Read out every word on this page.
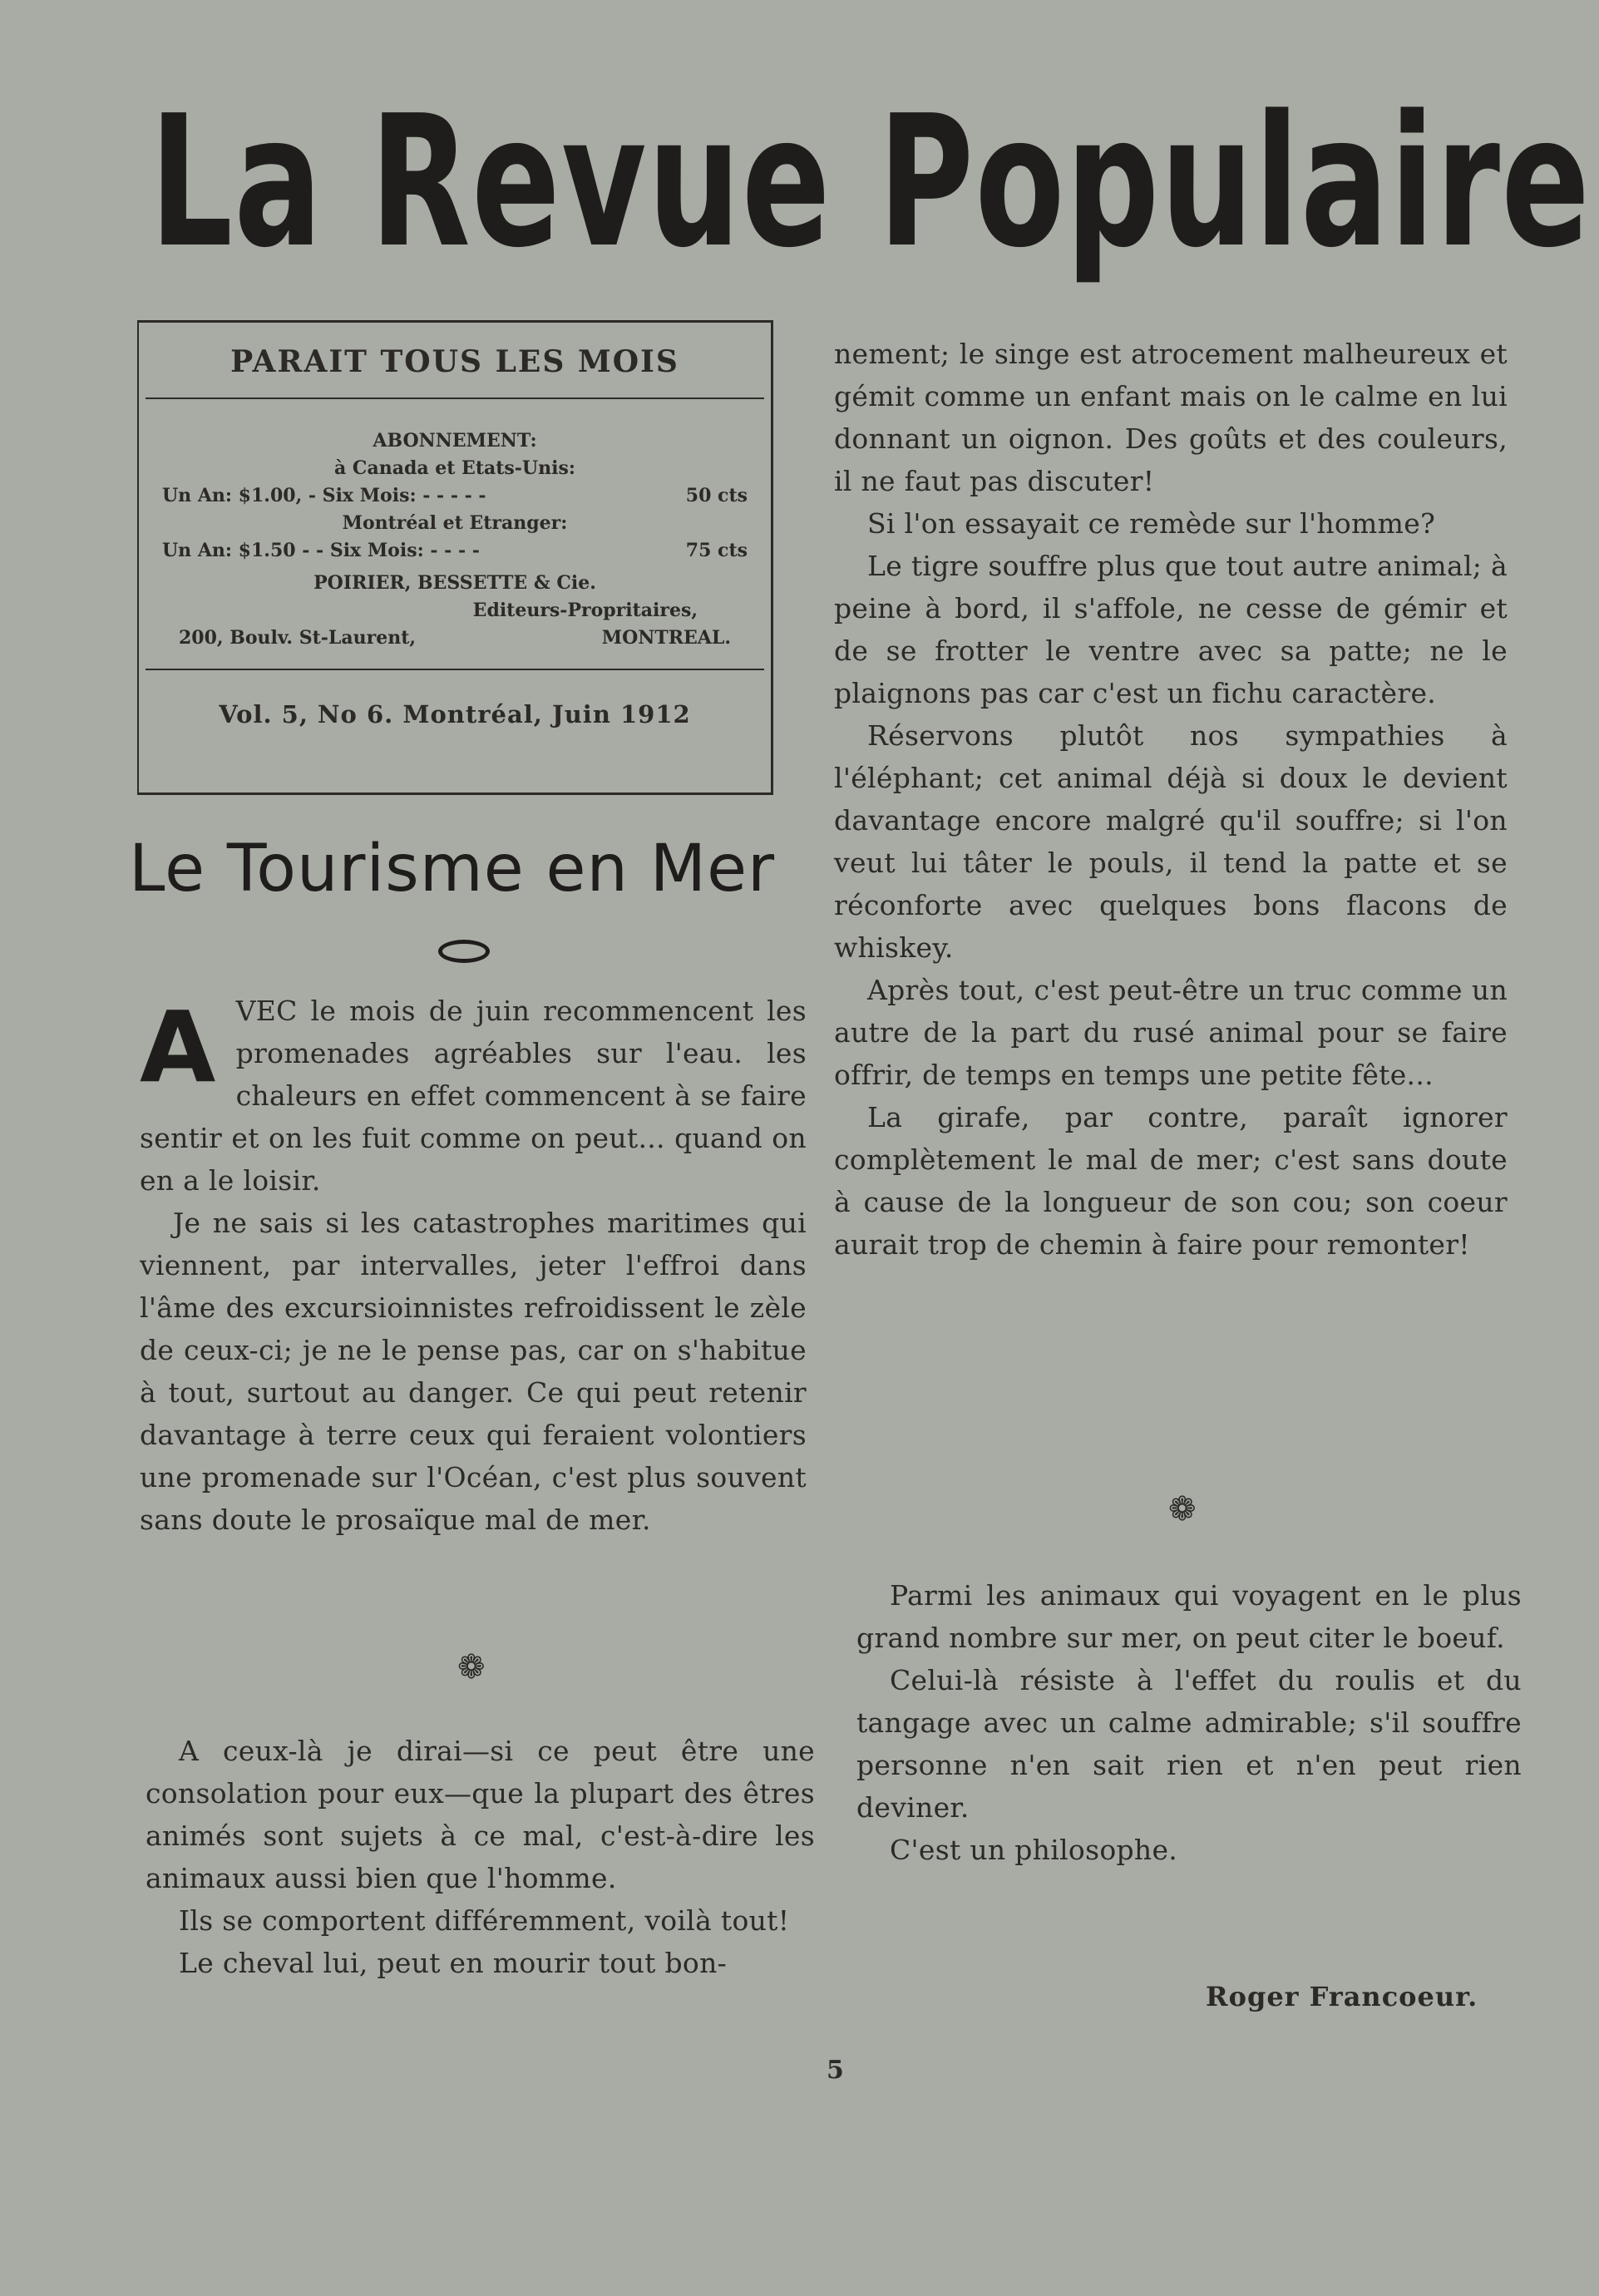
La Revue Populaire
PARAIT TOUS LES MOIS
ABONNEMENT:
à Canada et Etats-Unis:
Un An: $1.00, - Six Mois: - - - - -	50 cts
Montréal et Etranger:
Un An: $1.50 - - Six Mois: - - - -	75 cts
POIRIER, BESSETTE & Cie.
Editeurs-Propritaires,
200, Boulv. St-Laurent,	MONTREAL.
Vol. 5, No 6. Montréal, Juin 1912
Le Tourisme en Mer

AVEC le mois de juin recommencent les promenades agréables sur l'eau. les chaleurs en effet commencent à se faire sentir et on les fuit comme on peut... quand on en a le loisir.

Je ne sais si les catastrophes maritimes qui viennent, par intervalles, jeter l'effroi dans l'âme des excursioinnistes refroidissent le zèle de ceux-ci; je ne le pense pas, car on s'habitue à tout, surtout au danger. Ce qui peut retenir davantage à terre ceux qui feraient volontiers une promenade sur l'Océan, c'est plus souvent sans doute le prosaïque mal de mer.

❁

A ceux-là je dirai—si ce peut être une consolation pour eux—que la plupart des êtres animés sont sujets à ce mal, c'est-à-dire les animaux aussi bien que l'homme.

Ils se comportent différemment, voilà tout!

Le cheval lui, peut en mourir tout bon-

nement; le singe est atrocement malheureux et gémit comme un enfant mais on le calme en lui donnant un oignon. Des goûts et des couleurs, il ne faut pas discuter!

Si l'on essayait ce remède sur l'homme?

Le tigre souffre plus que tout autre animal; à peine à bord, il s'affole, ne cesse de gémir et de se frotter le ventre avec sa patte; ne le plaignons pas car c'est un fichu caractère.

Réservons plutôt nos sympathies à l'éléphant; cet animal déjà si doux le devient davantage encore malgré qu'il souffre; si l'on veut lui tâter le pouls, il tend la patte et se réconforte avec quelques bons flacons de whiskey.

Après tout, c'est peut-être un truc comme un autre de la part du rusé animal pour se faire offrir, de temps en temps une petite fête...

La girafe, par contre, paraît ignorer complètement le mal de mer; c'est sans doute à cause de la longueur de son cou; son coeur aurait trop de chemin à faire pour remonter!

❁

Parmi les animaux qui voyagent en le plus grand nombre sur mer, on peut citer le boeuf.

Celui-là résiste à l'effet du roulis et du tangage avec un calme admirable; s'il souffre personne n'en sait rien et n'en peut rien deviner.

C'est un philosophe.

Roger Francoeur.
5
